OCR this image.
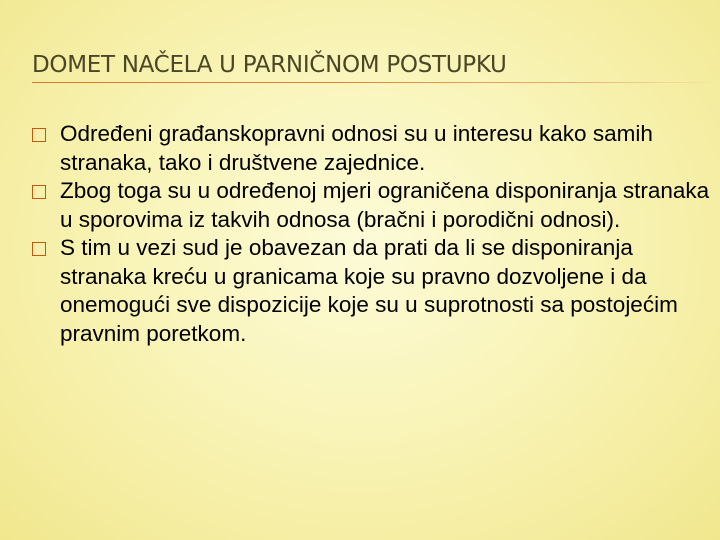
DOMET NAČELA U PARNIČNOM POSTUPKU
Određeni građanskopravni odnosi su u interesu kako samih stranaka, tako i društvene zajednice.
Zbog toga su u određenoj mjeri ograničena disponiranja stranaka u sporovima iz takvih odnosa (bračni i porodični odnosi).
S tim u vezi sud je obavezan da prati da li se disponiranja stranaka kreću u granicama koje su pravno dozvoljene i da onemogući sve dispozicije koje su u suprotnosti sa postojećim pravnim poretkom.
